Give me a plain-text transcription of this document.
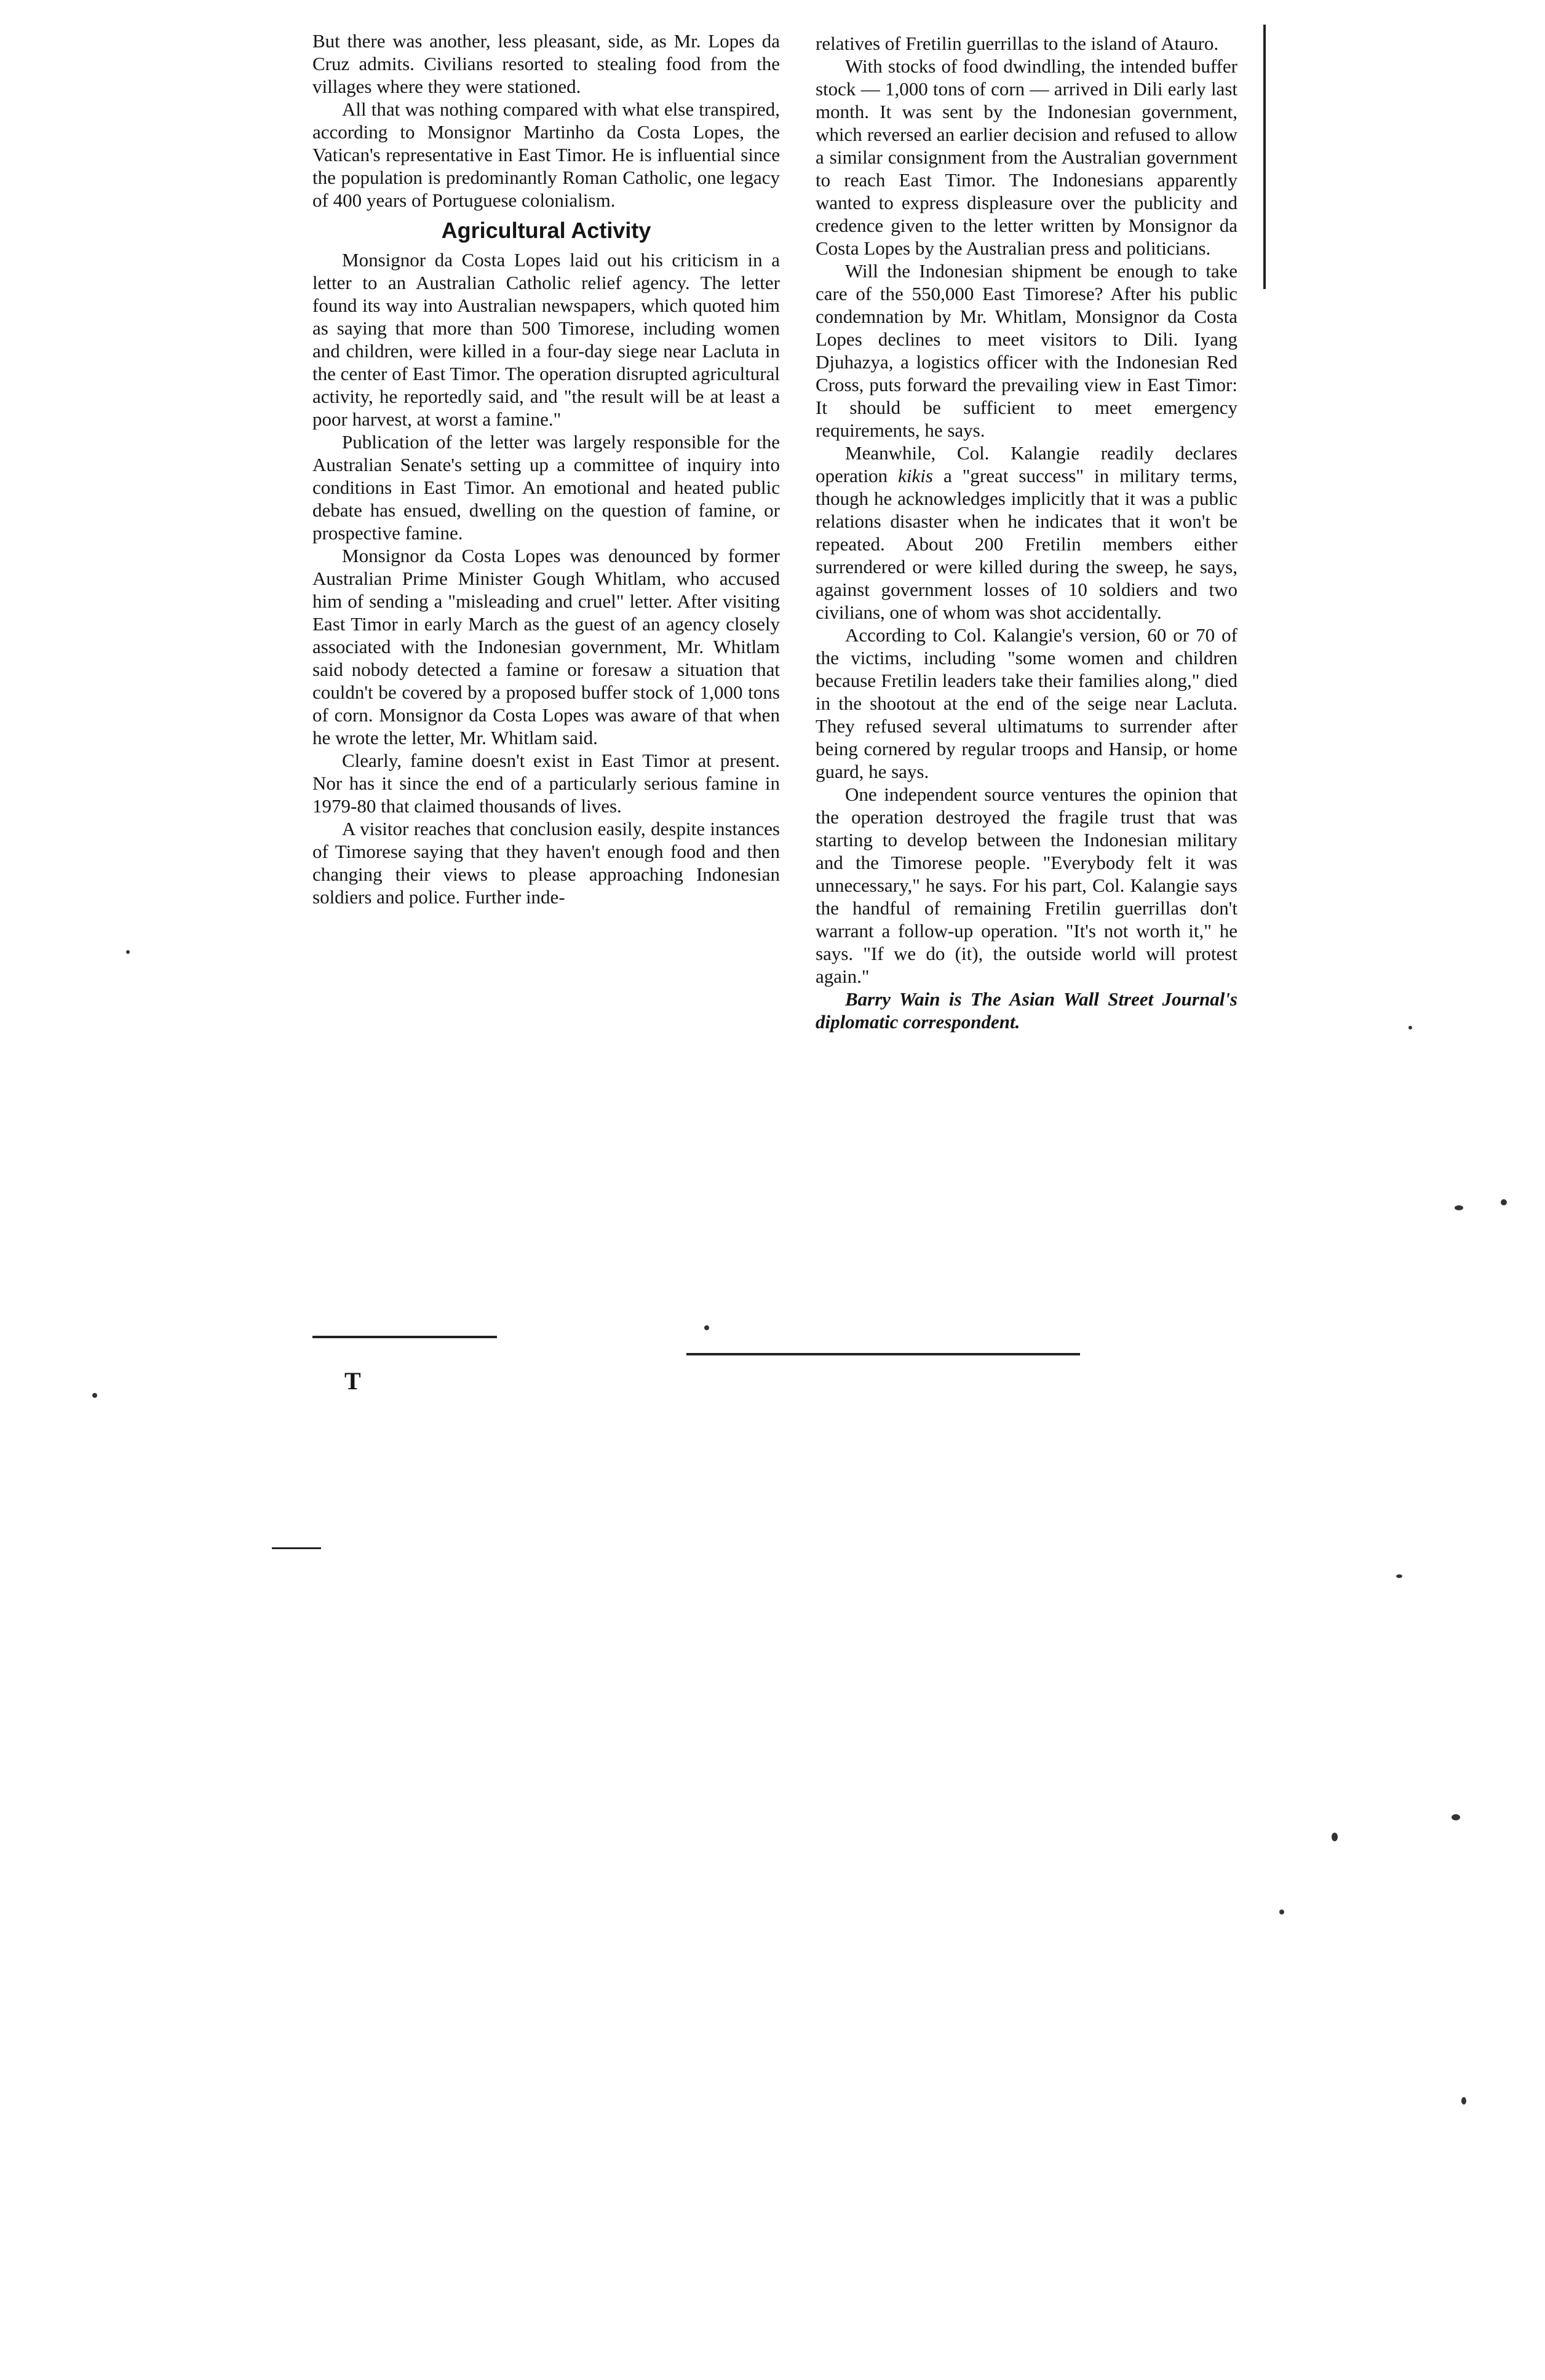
But there was another, less pleasant, side, as Mr. Lopes da Cruz admits. Civilians resorted to stealing food from the villages where they were stationed.

All that was nothing compared with what else transpired, according to Monsignor Martinho da Costa Lopes, the Vatican's representative in East Timor. He is influential since the population is predominantly Roman Catholic, one legacy of 400 years of Portuguese colonialism.

Agricultural Activity

Monsignor da Costa Lopes laid out his criticism in a letter to an Australian Catholic relief agency. The letter found its way into Australian newspapers, which quoted him as saying that more than 500 Timorese, including women and children, were killed in a four-day siege near Lacluta in the center of East Timor. The operation disrupted agricultural activity, he reportedly said, and "the result will be at least a poor harvest, at worst a famine."

Publication of the letter was largely responsible for the Australian Senate's setting up a committee of inquiry into conditions in East Timor. An emotional and heated public debate has ensued, dwelling on the question of famine, or prospective famine.

Monsignor da Costa Lopes was denounced by former Australian Prime Minister Gough Whitlam, who accused him of sending a "misleading and cruel" letter. After visiting East Timor in early March as the guest of an agency closely associated with the Indonesian government, Mr. Whitlam said nobody detected a famine or foresaw a situation that couldn't be covered by a proposed buffer stock of 1,000 tons of corn. Monsignor da Costa Lopes was aware of that when he wrote the letter, Mr. Whitlam said.

Clearly, famine doesn't exist in East Timor at present. Nor has it since the end of a particularly serious famine in 1979-80 that claimed thousands of lives.

A visitor reaches that conclusion easily, despite instances of Timorese saying that they haven't enough food and then changing their views to please approaching Indonesian soldiers and police. Further inde-

relatives of Fretilin guerrillas to the island of Atauro.

With stocks of food dwindling, the intended buffer stock — 1,000 tons of corn — arrived in Dili early last month. It was sent by the Indonesian government, which reversed an earlier decision and refused to allow a similar consignment from the Australian government to reach East Timor. The Indonesians apparently wanted to express displeasure over the publicity and credence given to the letter written by Monsignor da Costa Lopes by the Australian press and politicians.

Will the Indonesian shipment be enough to take care of the 550,000 East Timorese? After his public condemnation by Mr. Whitlam, Monsignor da Costa Lopes declines to meet visitors to Dili. Iyang Djuhazya, a logistics officer with the Indonesian Red Cross, puts forward the prevailing view in East Timor: It should be sufficient to meet emergency requirements, he says.

Meanwhile, Col. Kalangie readily declares operation kikis a "great success" in military terms, though he acknowledges implicitly that it was a public relations disaster when he indicates that it won't be repeated. About 200 Fretilin members either surrendered or were killed during the sweep, he says, against government losses of 10 soldiers and two civilians, one of whom was shot accidentally.

According to Col. Kalangie's version, 60 or 70 of the victims, including "some women and children because Fretilin leaders take their families along," died in the shootout at the end of the seige near Lacluta. They refused several ultimatums to surrender after being cornered by regular troops and Hansip, or home guard, he says.

One independent source ventures the opinion that the operation destroyed the fragile trust that was starting to develop between the Indonesian military and the Timorese people. "Everybody felt it was unnecessary," he says. For his part, Col. Kalangie says the handful of remaining Fretilin guerrillas don't warrant a follow-up operation. "It's not worth it," he says. "If we do (it), the outside world will protest again."

Barry Wain is The Asian Wall Street Journal's diplomatic correspondent.

T
